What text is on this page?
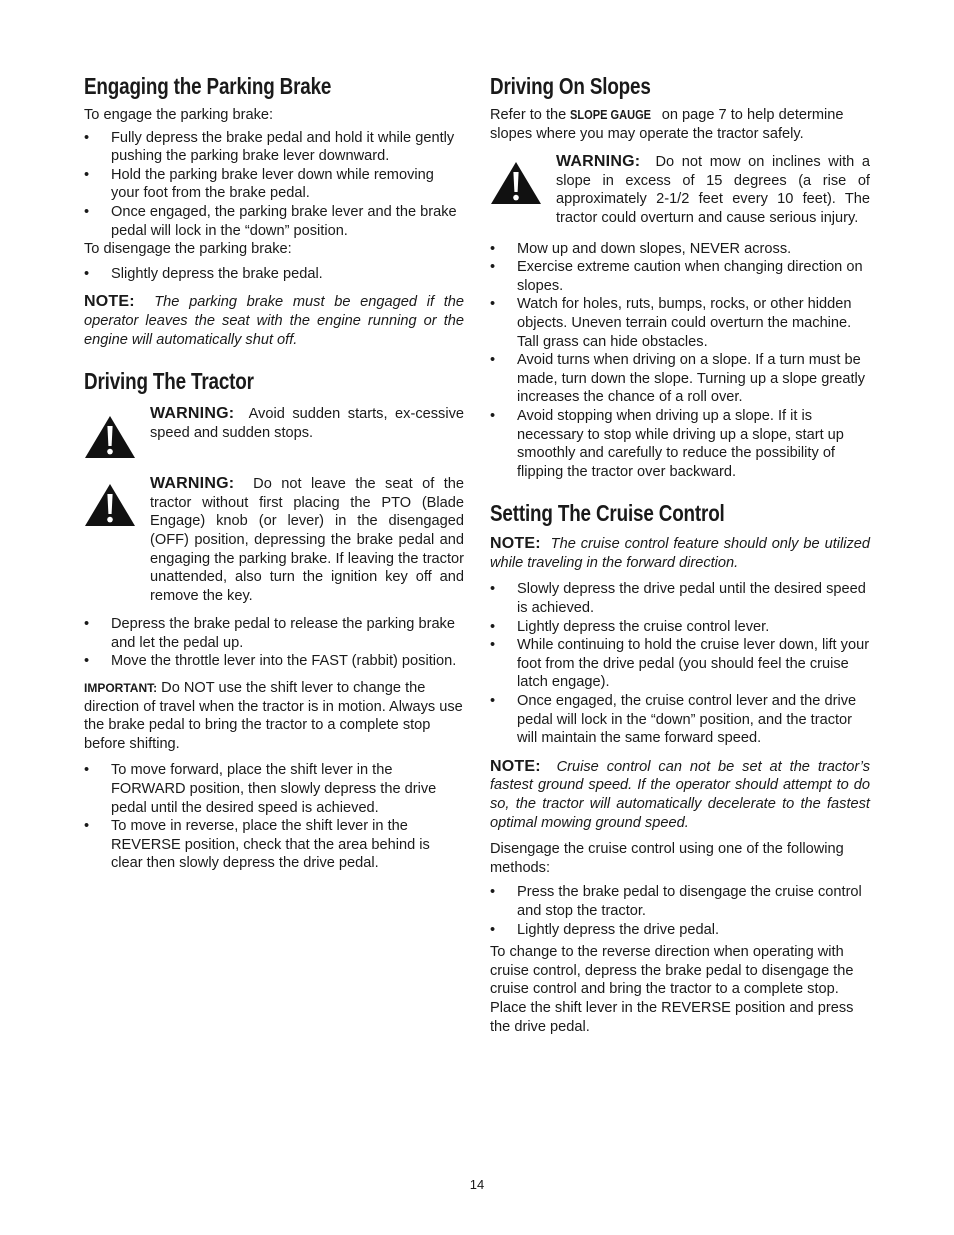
Engaging the Parking Brake

To engage the parking brake:

• Fully depress the brake pedal and hold it while gently pushing the parking brake lever downward.
• Hold the parking brake lever down while removing your foot from the brake pedal.
• Once engaged, the parking brake lever and the brake pedal will lock in the “down” position.

To disengage the parking brake:

• Slightly depress the brake pedal.

NOTE: The parking brake must be engaged if the operator leaves the seat with the engine running or the engine will automatically shut off.

Driving The Tractor
WARNING: Avoid sudden starts, ex-cessive speed and sudden stops.
WARNING: Do not leave the seat of the tractor without first placing the PTO (Blade Engage) knob (or lever) in the disengaged (OFF) position, depressing the brake pedal and engaging the parking brake. If leaving the tractor unattended, also turn the ignition key off and remove the key.
• Depress the brake pedal to release the parking brake and let the pedal up.
• Move the throttle lever into the FAST (rabbit) position.

IMPORTANT: Do NOT use the shift lever to change the direction of travel when the tractor is in motion. Always use the brake pedal to bring the tractor to a complete stop before shifting.

• To move forward, place the shift lever in the FORWARD position, then slowly depress the drive pedal until the desired speed is achieved.
• To move in reverse, place the shift lever in the REVERSE position, check that the area behind is clear then slowly depress the drive pedal.
Driving On Slopes

Refer to the SLOPE GAUGE on page 7 to help determine slopes where you may operate the tractor safely.

WARNING: Do not mow on inclines with a slope in excess of 15 degrees (a rise of approximately 2-1/2 feet every 10 feet). The tractor could overturn and cause serious injury.
• Mow up and down slopes, NEVER across.
• Exercise extreme caution when changing direction on slopes.
• Watch for holes, ruts, bumps, rocks, or other hidden objects. Uneven terrain could overturn the machine. Tall grass can hide obstacles.
• Avoid turns when driving on a slope. If a turn must be made, turn down the slope. Turning up a slope greatly increases the chance of a roll over.
• Avoid stopping when driving up a slope. If it is necessary to stop while driving up a slope, start up smoothly and carefully to reduce the possibility of flipping the tractor over backward.
Setting The Cruise Control

NOTE: The cruise control feature should only be utilized while traveling in the forward direction.

• Slowly depress the drive pedal until the desired speed is achieved.
• Lightly depress the cruise control lever.
• While continuing to hold the cruise lever down, lift your foot from the drive pedal (you should feel the cruise latch engage).
• Once engaged, the cruise control lever and the drive pedal will lock in the “down” position, and the tractor will maintain the same forward speed.

NOTE: Cruise control can not be set at the tractor’s fastest ground speed. If the operator should attempt to do so, the tractor will automatically decelerate to the fastest optimal mowing ground speed.

Disengage the cruise control using one of the following methods:

• Press the brake pedal to disengage the cruise control and stop the tractor.
• Lightly depress the drive pedal.

To change to the reverse direction when operating with cruise control, depress the brake pedal to disengage the cruise control and bring the tractor to a complete stop. Place the shift lever in the REVERSE position and press the drive pedal.

14
